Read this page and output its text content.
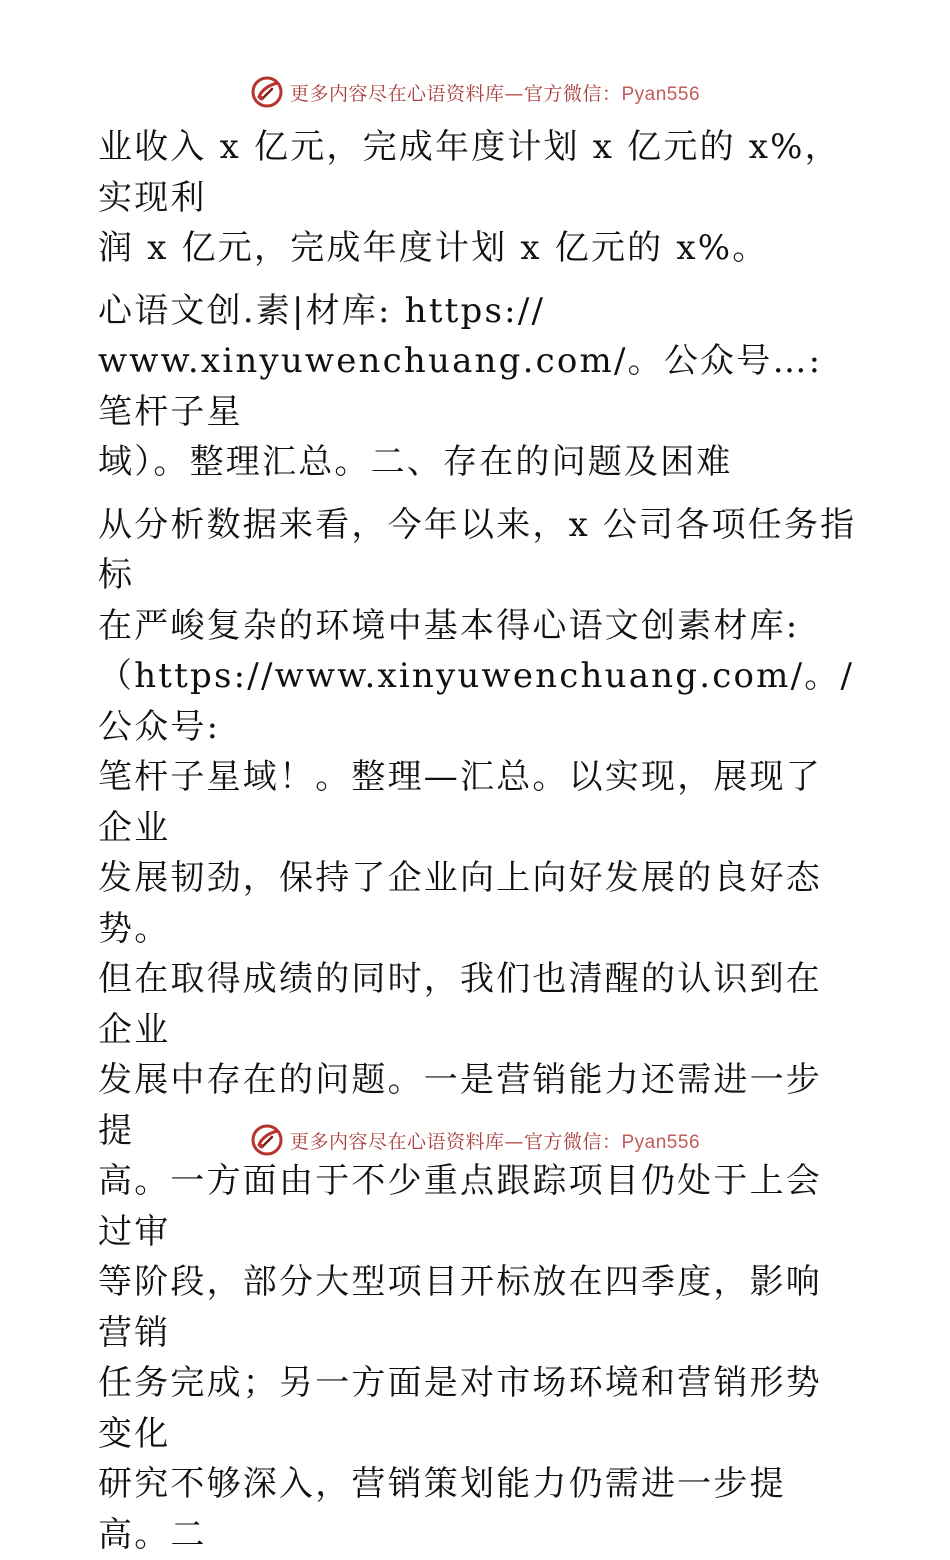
更多内容尽在心语资料库—官方微信：Pyan556

业收入 x 亿元，完成年度计划 x 亿元的 x%，实现利
润 x 亿元，完成年度计划 x 亿元的 x%。

心语文创.素|材库: https://
www.xinyuwenchuang.com/。公众号…: 笔杆子星
域）。整理汇总。二、存在的问题及困难

从分析数据来看，今年以来，x 公司各项任务指标
在严峻复杂的环境中基本得心语文创素材库:
（https://www.xinyuwenchuang.com/。/公众号:
笔杆子星域！。整理—汇总。以实现，展现了企业
发展韧劲，保持了企业向上向好发展的良好态势。
但在取得成绩的同时，我们也清醒的认识到在企业
发展中存在的问题。一是营销能力还需进一步提
高。一方面由于不少重点跟踪项目仍处于上会过审
等阶段，部分大型项目开标放在四季度，影响营销
任务完成；另一方面是对市场环境和营销形势变化
研究不够深入，营销策划能力仍需进一步提高。二

更多内容尽在心语资料库—官方微信：Pyan556
